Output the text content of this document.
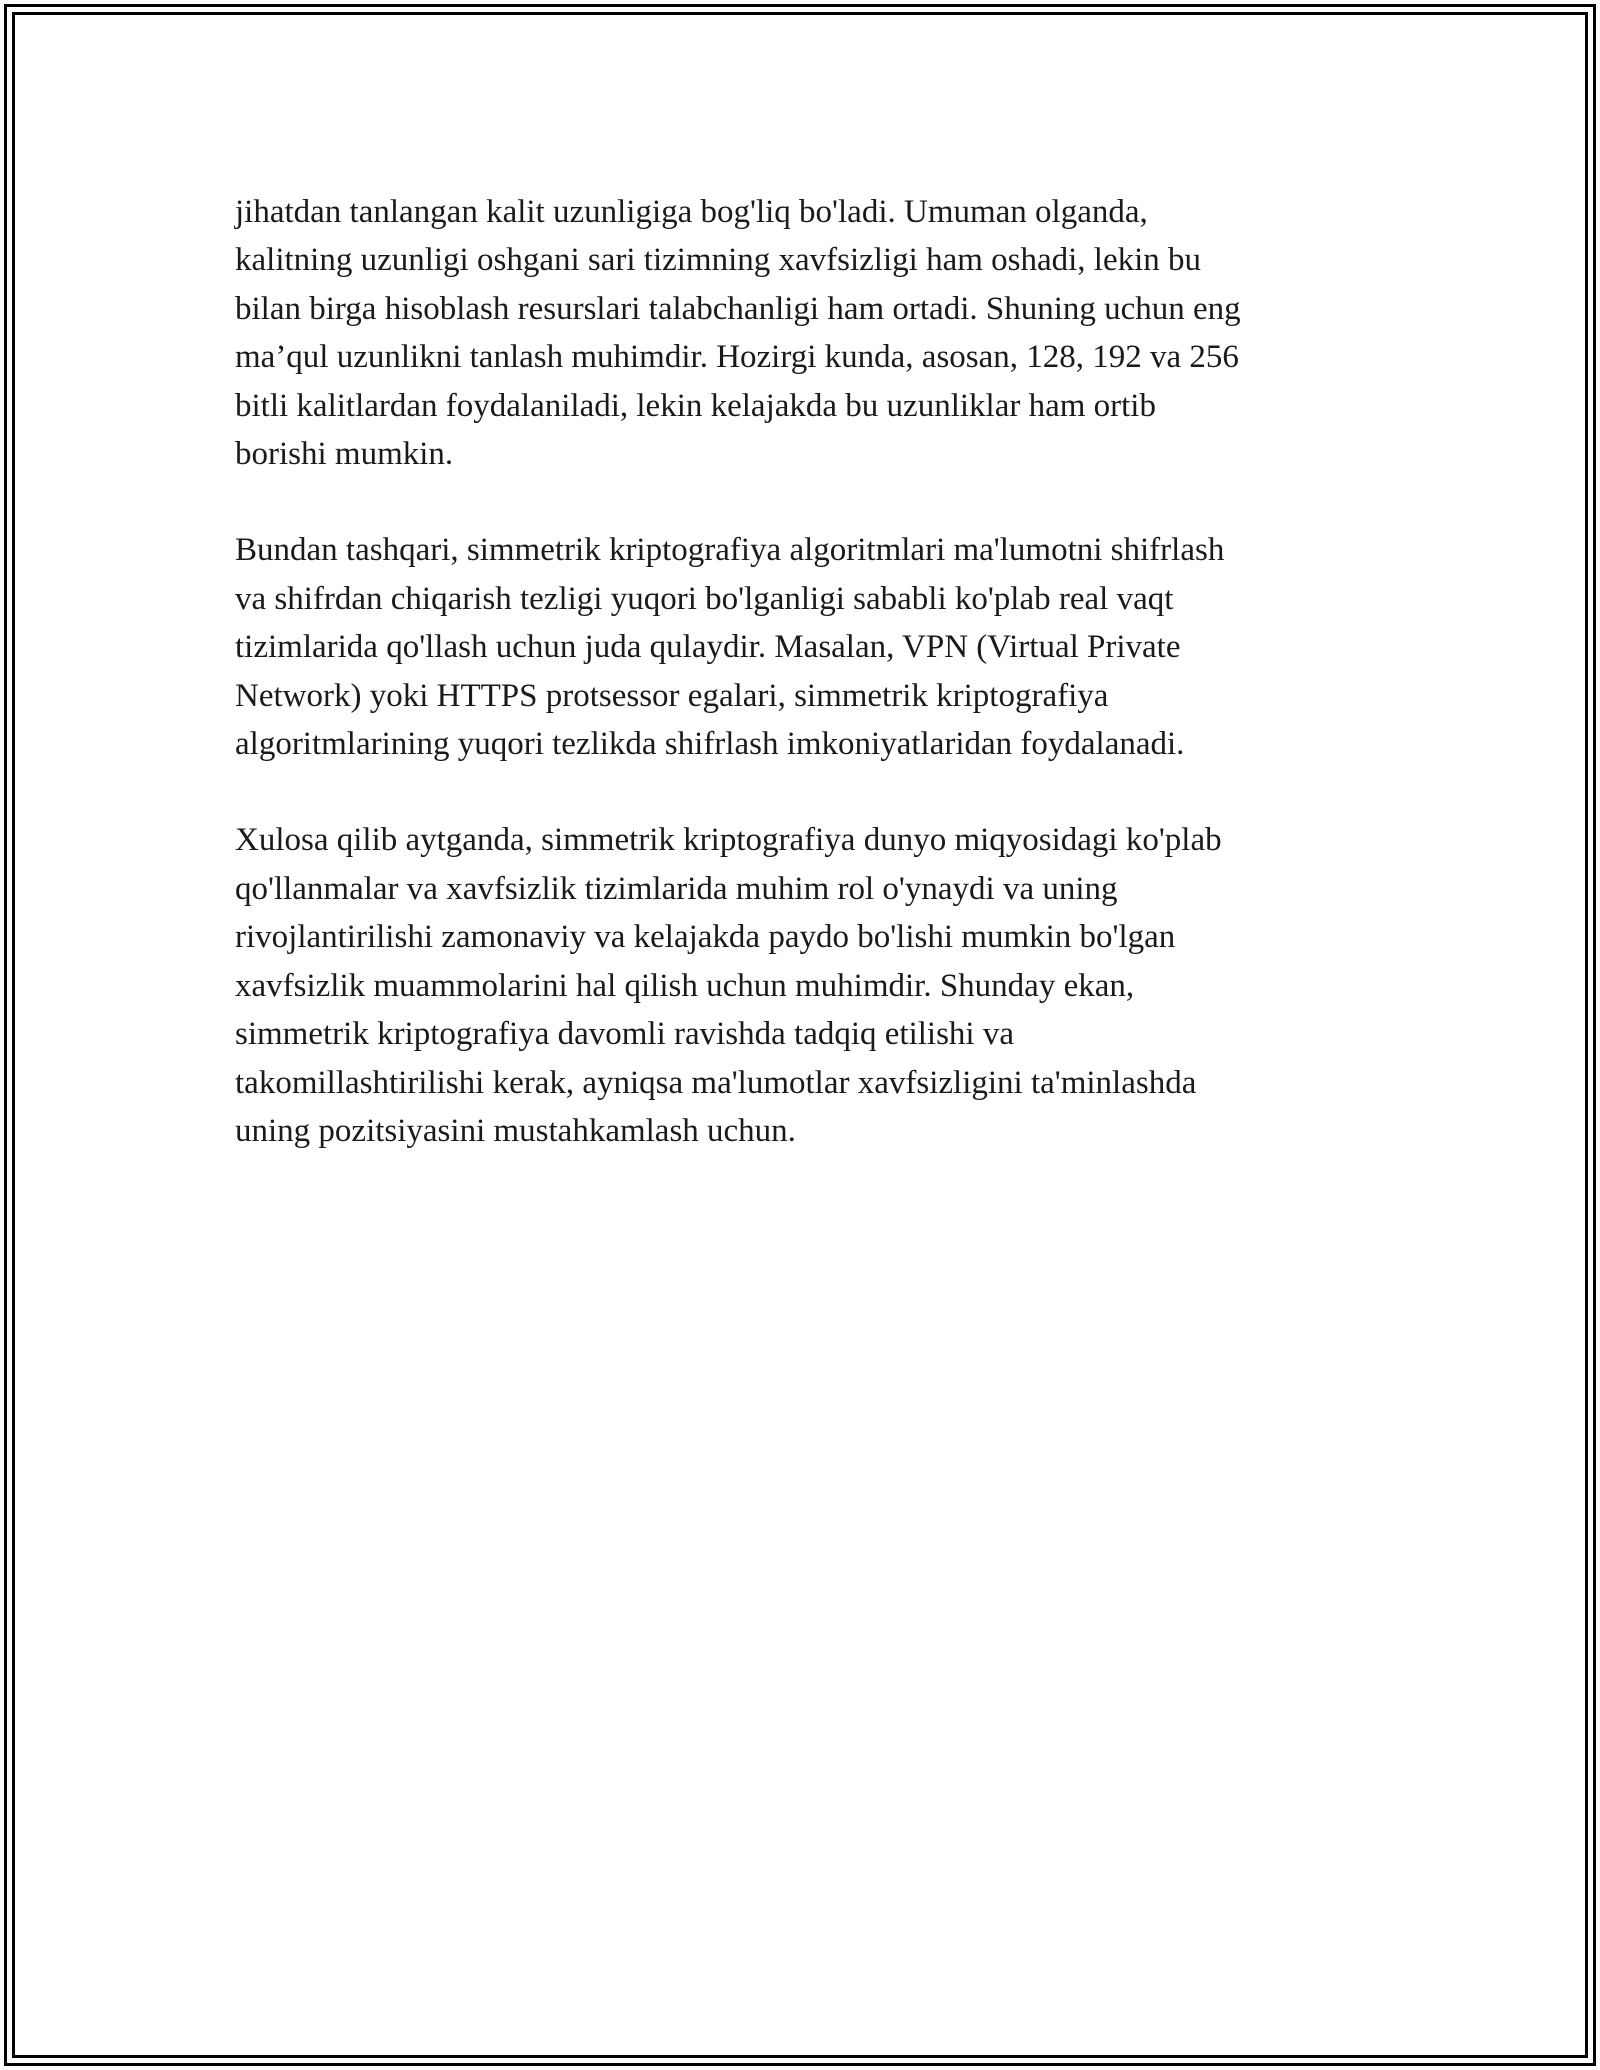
jihatdan tanlangan kalit uzunligiga bog'liq bo'ladi. Umuman olganda,
kalitning uzunligi oshgani sari tizimning xavfsizligi ham oshadi, lekin bu
bilan birga hisoblash resurslari talabchanligi ham ortadi. Shuning uchun eng
ma’qul uzunlikni tanlash muhimdir. Hozirgi kunda, asosan, 128, 192 va 256
bitli kalitlardan foydalaniladi, lekin kelajakda bu uzunliklar ham ortib
borishi mumkin.

Bundan tashqari, simmetrik kriptografiya algoritmlari ma'lumotni shifrlash
va shifrdan chiqarish tezligi yuqori bo'lganligi sababli ko'plab real vaqt
tizimlarida qo'llash uchun juda qulaydir. Masalan, VPN (Virtual Private
Network) yoki HTTPS protsessor egalari, simmetrik kriptografiya
algoritmlarining yuqori tezlikda shifrlash imkoniyatlaridan foydalanadi.

Xulosa qilib aytganda, simmetrik kriptografiya dunyo miqyosidagi ko'plab
qo'llanmalar va xavfsizlik tizimlarida muhim rol o'ynaydi va uning
rivojlantirilishi zamonaviy va kelajakda paydo bo'lishi mumkin bo'lgan
xavfsizlik muammolarini hal qilish uchun muhimdir. Shunday ekan,
simmetrik kriptografiya davomli ravishda tadqiq etilishi va
takomillashtirilishi kerak, ayniqsa ma'lumotlar xavfsizligini ta'minlashda
uning pozitsiyasini mustahkamlash uchun.
